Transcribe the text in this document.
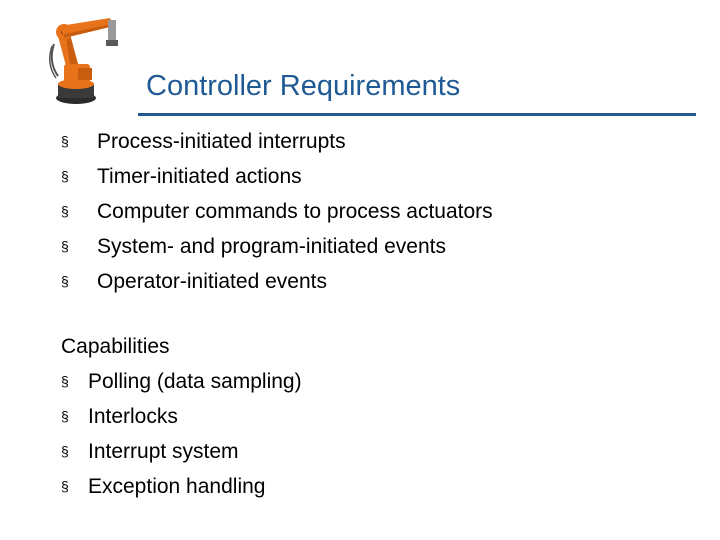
Controller Requirements
§ Process-initiated interrupts
§ Timer-initiated actions
§ Computer commands to process actuators
§ System- and program-initiated events
§ Operator-initiated events
Capabilities
§ Polling (data sampling)
§ Interlocks
§ Interrupt system
§ Exception handling
